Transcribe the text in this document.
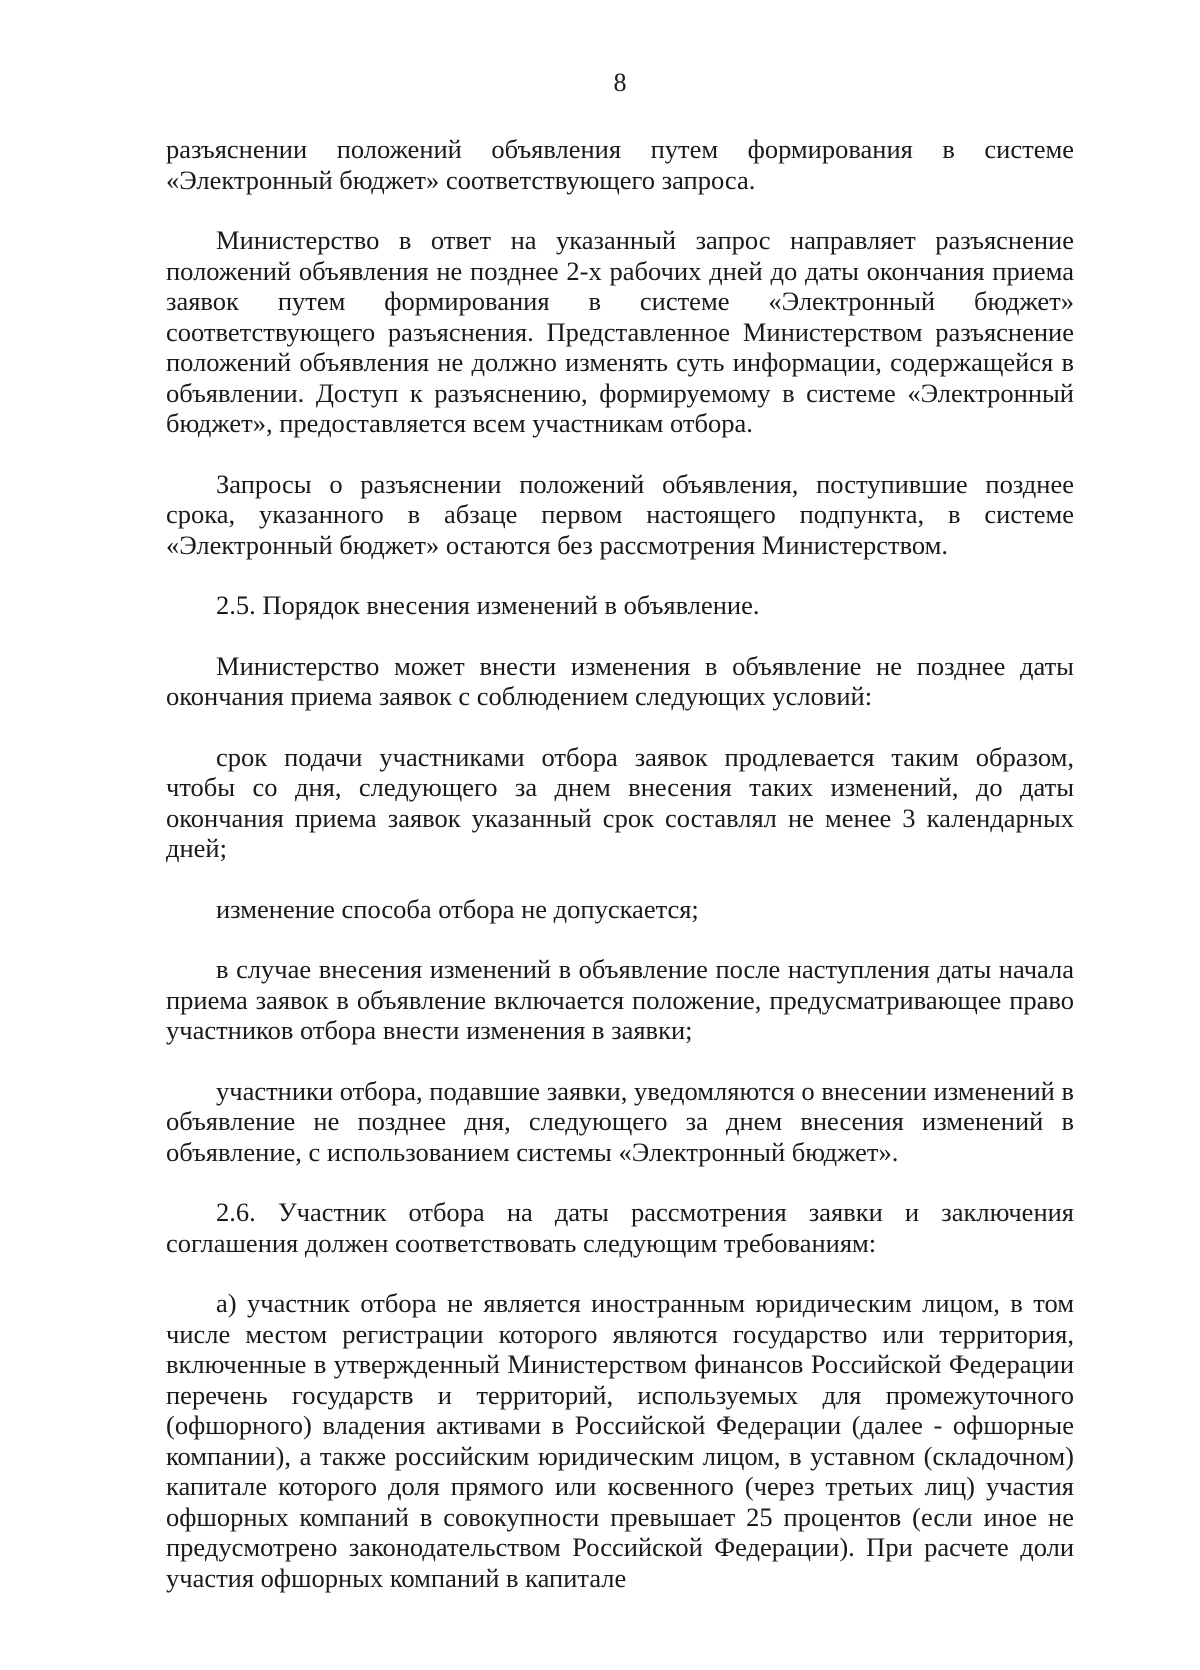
8

разъяснении положений объявления путем формирования в системе «Электронный бюджет» соответствующего запроса.

Министерство в ответ на указанный запрос направляет разъяснение положений объявления не позднее 2-х рабочих дней до даты окончания приема заявок путем формирования в системе «Электронный бюджет» соответствующего разъяснения. Представленное Министерством разъяснение положений объявления не должно изменять суть информации, содержащейся в объявлении. Доступ к разъяснению, формируемому в системе «Электронный бюджет», предоставляется всем участникам отбора.

Запросы о разъяснении положений объявления, поступившие позднее срока, указанного в абзаце первом настоящего подпункта, в системе «Электронный бюджет» остаются без рассмотрения Министерством.

2.5. Порядок внесения изменений в объявление.

Министерство может внести изменения в объявление не позднее даты окончания приема заявок с соблюдением следующих условий:

срок подачи участниками отбора заявок продлевается таким образом, чтобы со дня, следующего за днем внесения таких изменений, до даты окончания приема заявок указанный срок составлял не менее 3 календарных дней;

изменение способа отбора не допускается;

в случае внесения изменений в объявление после наступления даты начала приема заявок в объявление включается положение, предусматривающее право участников отбора внести изменения в заявки;

участники отбора, подавшие заявки, уведомляются о внесении изменений в объявление не позднее дня, следующего за днем внесения изменений в объявление, с использованием системы «Электронный бюджет».

2.6. Участник отбора на даты рассмотрения заявки и заключения соглашения должен соответствовать следующим требованиям:

а) участник отбора не является иностранным юридическим лицом, в том числе местом регистрации которого являются государство или территория, включенные в утвержденный Министерством финансов Российской Федерации перечень государств и территорий, используемых для промежуточного (офшорного) владения активами в Российской Федерации (далее - офшорные компании), а также российским юридическим лицом, в уставном (складочном) капитале которого доля прямого или косвенного (через третьих лиц) участия офшорных компаний в совокупности превышает 25 процентов (если иное не предусмотрено законодательством Российской Федерации). При расчете доли участия офшорных компаний в капитале
